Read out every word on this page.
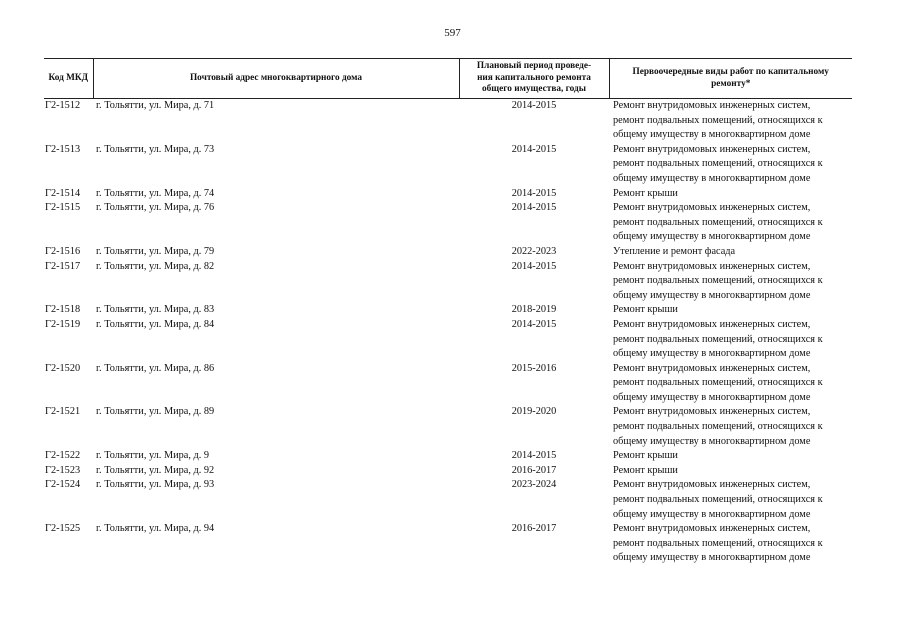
597
Код МКД	Почтовый адрес многоквартирного дома	Плановый период проведе-
ния капитального ремонта
общего имущества, годы	Первоочередные виды работ по капитальному
ремонту*

Г2-1512	г. Тольятти, ул. Мира, д. 71	2014-2015	Ремонт внутридомовых инженерных систем,
ремонт подвальных помещений, относящихся к
общему имуществу в многоквартирном доме

Г2-1513	г. Тольятти, ул. Мира, д. 73	2014-2015	Ремонт внутридомовых инженерных систем,
ремонт подвальных помещений, относящихся к
общему имуществу в многоквартирном доме

Г2-1514	г. Тольятти, ул. Мира, д. 74	2014-2015	Ремонт крыши

Г2-1515	г. Тольятти, ул. Мира, д. 76	2014-2015	Ремонт внутридомовых инженерных систем,
ремонт подвальных помещений, относящихся к
общему имуществу в многоквартирном доме

Г2-1516	г. Тольятти, ул. Мира, д. 79	2022-2023	Утепление и ремонт фасада

Г2-1517	г. Тольятти, ул. Мира, д. 82	2014-2015	Ремонт внутридомовых инженерных систем,
ремонт подвальных помещений, относящихся к
общему имуществу в многоквартирном доме

Г2-1518	г. Тольятти, ул. Мира, д. 83	2018-2019	Ремонт крыши

Г2-1519	г. Тольятти, ул. Мира, д. 84	2014-2015	Ремонт внутридомовых инженерных систем,
ремонт подвальных помещений, относящихся к
общему имуществу в многоквартирном доме

Г2-1520	г. Тольятти, ул. Мира, д. 86	2015-2016	Ремонт внутридомовых инженерных систем,
ремонт подвальных помещений, относящихся к
общему имуществу в многоквартирном доме

Г2-1521	г. Тольятти, ул. Мира, д. 89	2019-2020	Ремонт внутридомовых инженерных систем,
ремонт подвальных помещений, относящихся к
общему имуществу в многоквартирном доме

Г2-1522	г. Тольятти, ул. Мира, д. 9	2014-2015	Ремонт крыши

Г2-1523	г. Тольятти, ул. Мира, д. 92	2016-2017	Ремонт крыши

Г2-1524	г. Тольятти, ул. Мира, д. 93	2023-2024	Ремонт внутридомовых инженерных систем,
ремонт подвальных помещений, относящихся к
общему имуществу в многоквартирном доме

Г2-1525	г. Тольятти, ул. Мира, д. 94	2016-2017	Ремонт внутридомовых инженерных систем,
ремонт подвальных помещений, относящихся к
общему имуществу в многоквартирном доме
